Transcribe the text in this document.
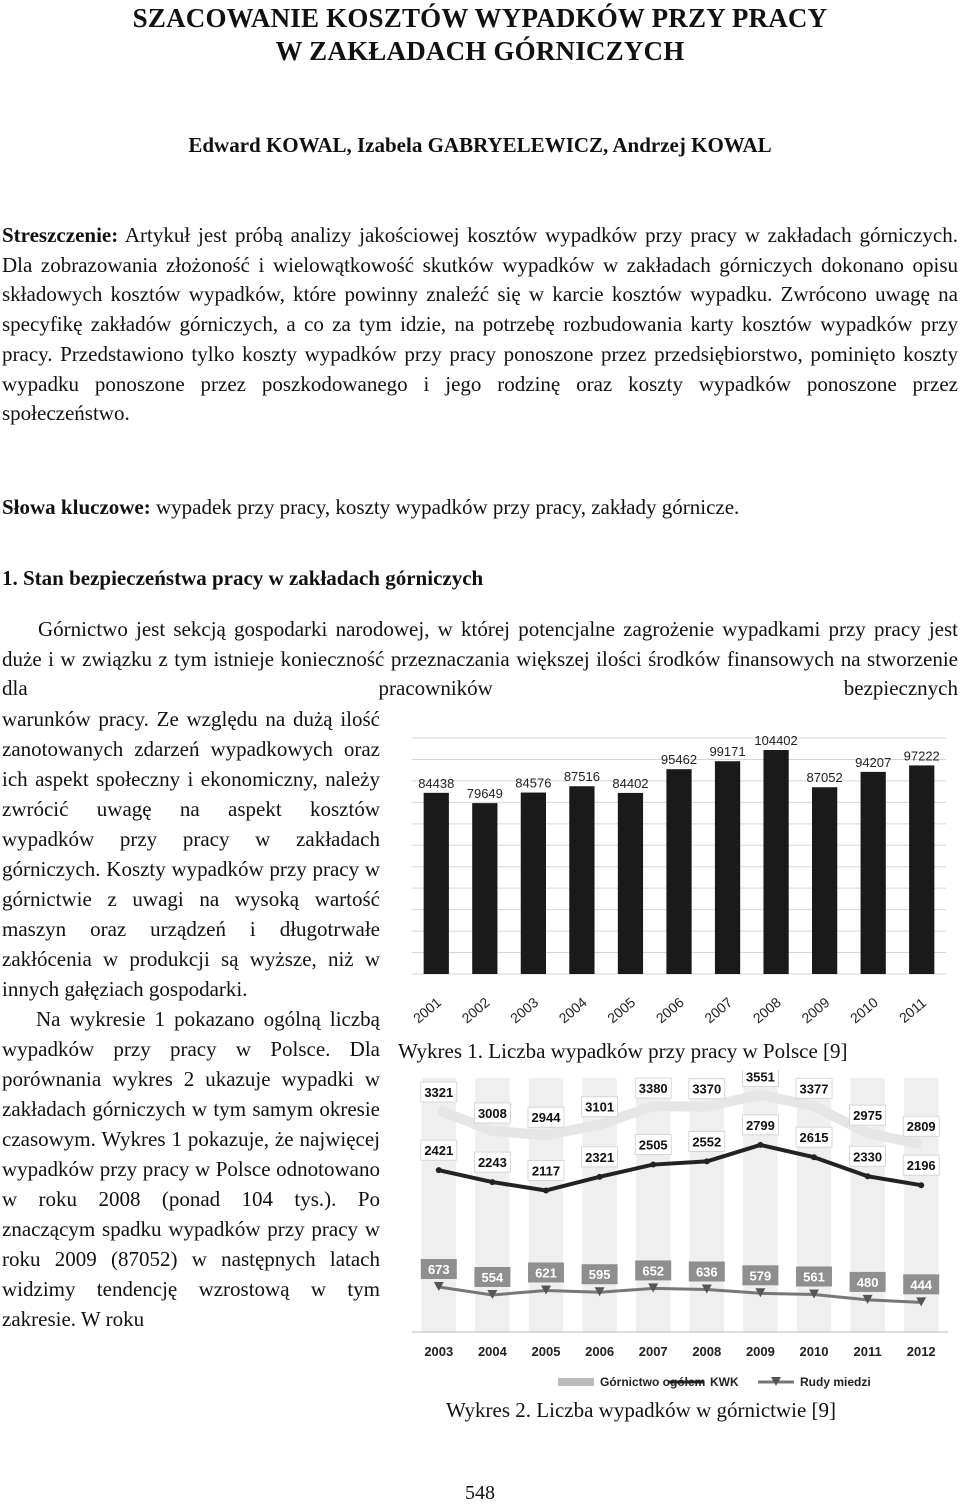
SZACOWANIE KOSZTÓW WYPADKÓW PRZY PRACY
W ZAKŁADACH GÓRNICZYCH
Edward KOWAL, Izabela GABRYELEWICZ, Andrzej KOWAL
Streszczenie: Artykuł jest próbą analizy jakościowej kosztów wypadków przy pracy w zakładach górniczych. Dla zobrazowania złożoność i wielowątkowość skutków wypadków w zakładach górniczych dokonano opisu składowych kosztów wypadków, które powinny znaleźć się w karcie kosztów wypadku. Zwrócono uwagę na specyfikę zakładów górniczych, a co za tym idzie, na potrzebę rozbudowania karty kosztów wypadków przy pracy. Przedstawiono tylko koszty wypadków przy pracy ponoszone przez przedsiębiorstwo, pominięto koszty wypadku ponoszone przez poszkodowanego i jego rodzinę oraz koszty wypadków ponoszone przez społeczeństwo.
Słowa kluczowe: wypadek przy pracy, koszty wypadków przy pracy, zakłady górnicze.
1. Stan bezpieczeństwa pracy w zakładach górniczych
Górnictwo jest sekcją gospodarki narodowej, w której potencjalne zagrożenie wypadkami przy pracy jest duże i w związku z tym istnieje konieczność przeznaczania większej ilości środków finansowych na stworzenie dla pracowników bezpiecznych

warunków pracy. Ze względu na dużą ilość zanotowanych zdarzeń wypadkowych oraz ich aspekt społeczny i ekonomiczny, należy zwrócić uwagę na aspekt kosztów wypadków przy pracy w zakładach górniczych. Koszty wypadków przy pracy w górnictwie z uwagi na wysoką wartość maszyn oraz urządzeń i długotrwałe zakłócenia w produkcji są wyższe, niż w innych gałęziach gospodarki.

Na wykresie 1 pokazano ogólną liczbą wypadków przy pracy w Polsce. Dla porównania wykres 2 ukazuje wypadki w zakładach górniczych w tym samym okresie czasowym. Wykres 1 pokazuje, że najwięcej wypadków przy pracy w Polsce odnotowano w roku 2008 (ponad 104 tys.). Po znaczącym spadku wypadków przy pracy w roku 2009 (87052) w następnych latach widzimy tendencję wzrostową w tym zakresie. W roku

84438
2001
79649
2002
84576
2003
87516
2004
84402
2005
95462
2006
99171
2007
104402
2008
87052
2009
94207
2010
97222
2011
Wykres 1. Liczba wypadków przy pracy w Polsce [9]
3321
3008 2944
3101
3380 3370
3551
3377
2975
2809
2421
2243
2117
2321
2505 2552
2799
2615
2330
2196
673
554 621 595 652 636 579 561 480 444
2003 2004 2005 2006 2007 2008 2009 2010 2011 2012
Górnictwo ogółem KWK	Rudy miedzi
Wykres 2. Liczba wypadków w górnictwie [9]
548
